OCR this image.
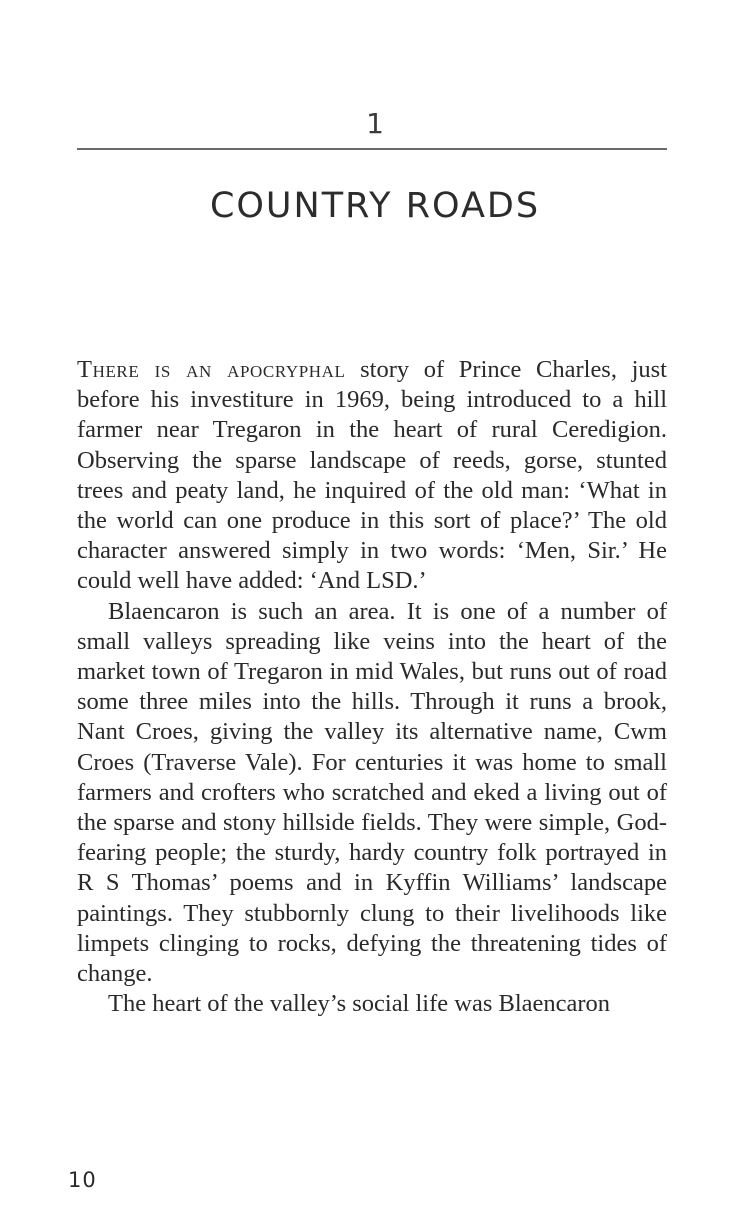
1
COUNTRY ROADS

There is an apocryphal story of Prince Charles, just before his investiture in 1969, being introduced to a hill farmer near Tregaron in the heart of rural Ceredigion. Observing the sparse landscape of reeds, gorse, stunted trees and peaty land, he inquired of the old man: ‘What in the world can one produce in this sort of place?’ The old character answered simply in two words: ‘Men, Sir.’ He could well have added: ‘And LSD.’

Blaencaron is such an area. It is one of a number of small valleys spreading like veins into the heart of the market town of Tregaron in mid Wales, but runs out of road some three miles into the hills. Through it runs a brook, Nant Croes, giving the valley its alternative name, Cwm Croes (Traverse Vale). For centuries it was home to small farmers and crofters who scratched and eked a living out of the sparse and stony hillside fields. They were simple, God-fearing people; the sturdy, hardy country folk portrayed in R S Thomas’ poems and in Kyffin Williams’ landscape paintings. They stubbornly clung to their livelihoods like limpets clinging to rocks, defying the threatening tides of change.

The heart of the valley’s social life was Blaencaron

10
